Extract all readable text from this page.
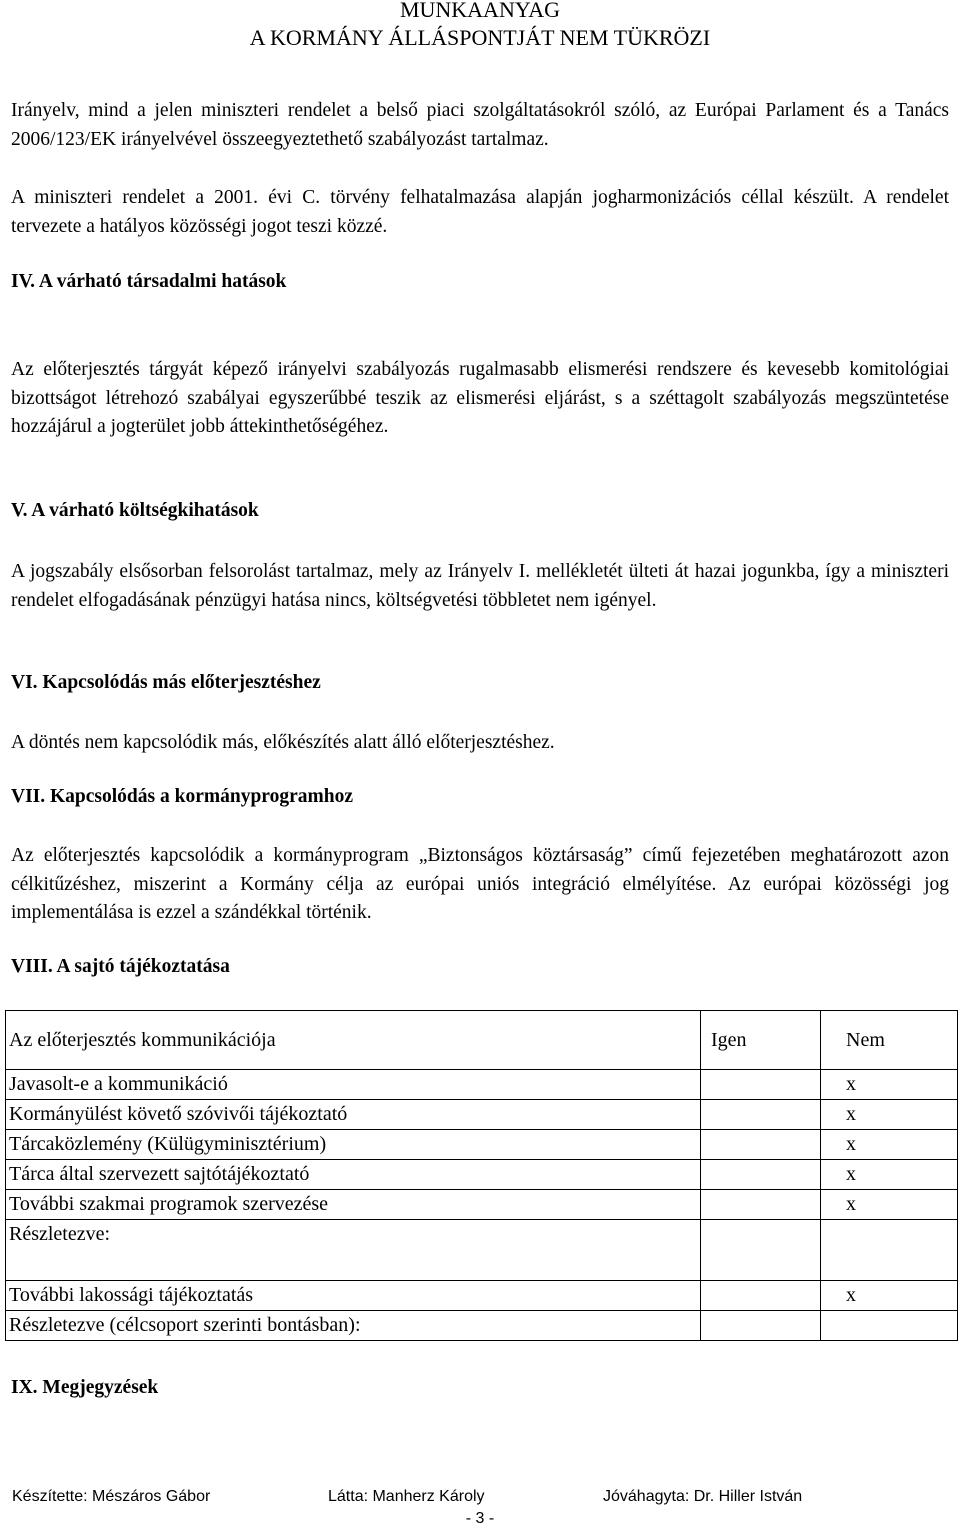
MUNKAANYAG
A KORMÁNY ÁLLÁSPONTJÁT NEM TÜKRÖZI
Irányelv, mind a jelen miniszteri rendelet a belső piaci szolgáltatásokról szóló, az Európai Parlament és a Tanács 2006/123/EK irányelvével összeegyeztethető szabályozást tartalmaz.
A miniszteri rendelet a 2001. évi C. törvény felhatalmazása alapján jogharmonizációs céllal készült. A rendelet tervezete a hatályos közösségi jogot teszi közzé.
IV. A várható társadalmi hatások
Az előterjesztés tárgyát képező irányelvi szabályozás rugalmasabb elismerési rendszere és kevesebb komitológiai bizottságot létrehozó szabályai egyszerűbbé teszik az elismerési eljárást, s a széttagolt szabályozás megszüntetése hozzájárul a jogterület jobb áttekinthetőségéhez.
V. A várható költségkihatások
A jogszabály elsősorban felsorolást tartalmaz, mely az Irányelv I. mellékletét ülteti át hazai jogunkba, így a miniszteri rendelet elfogadásának pénzügyi hatása nincs, költségvetési többletet nem igényel.
VI. Kapcsolódás más előterjesztéshez
A döntés nem kapcsolódik más, előkészítés alatt álló előterjesztéshez.
VII. Kapcsolódás a kormányprogramhoz
Az előterjesztés kapcsolódik a kormányprogram „Biztonságos köztársaság” című fejezetében meghatározott azon célkitűzéshez, miszerint a Kormány célja az európai uniós integráció elmélyítése. Az európai közösségi jog implementálása is ezzel a szándékkal történik.
VIII. A sajtó tájékoztatása
Az előterjesztés kommunikációja	Igen	Nem
Javasolt-e a kommunikáció		x
Kormányülést követő szóvivői tájékoztató		x
Tárcaközlemény (Külügyminisztérium)		x
Tárca által szervezett sajtótájékoztató		x
További szakmai programok szervezése		x
Részletezve:		
További lakossági tájékoztatás		x
Részletezve (célcsoport szerinti bontásban):		
IX. Megjegyzések
Készítette: Mészáros Gábor	Látta: Manherz Károly	Jóváhagyta: Dr. Hiller István
- 3 -
